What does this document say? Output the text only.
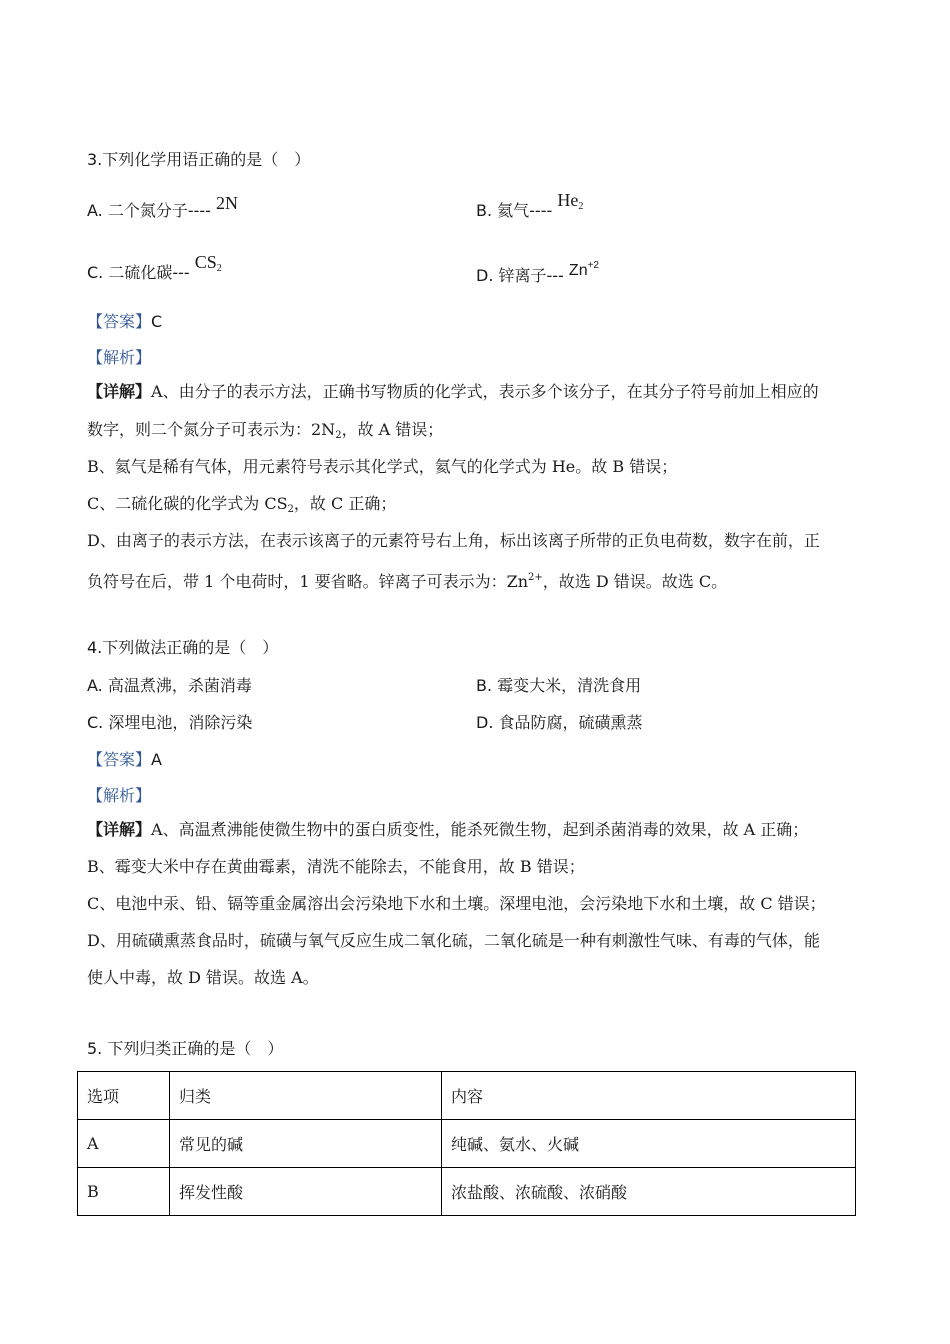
3.下列化学用语正确的是（　）
A. 二个氮分子---- 2N	B. 氦气---- $He_2$
C. 二硫化碳--- $CS_2$	D. 锌离子--- $Zn^{+2}$
【答案】C
【解析】
【详解】A、由分子的表示方法，正确书写物质的化学式，表示多个该分子，在其分子符号前加上相应的
数字，则二个氮分子可表示为：$2N_2$，故 A 错误；
B、氦气是稀有气体，用元素符号表示其化学式，氦气的化学式为 He。故 B 错误；
C、二硫化碳的化学式为 $CS_2$，故 C 正确；
D、由离子的表示方法，在表示该离子的元素符号右上角，标出该离子所带的正负电荷数，数字在前，正
负符号在后，带 1 个电荷时，1 要省略。锌离子可表示为：$Zn^{2+}$，故选 D 错误。故选 C。
4.下列做法正确的是（　）
A. 高温煮沸，杀菌消毒	B. 霉变大米，清洗食用
C. 深埋电池，消除污染	D. 食品防腐，硫磺熏蒸
【答案】A
【解析】
【详解】A、高温煮沸能使微生物中的蛋白质变性，能杀死微生物，起到杀菌消毒的效果，故 A 正确；
B、霉变大米中存在黄曲霉素，清洗不能除去，不能食用，故 B 错误；
C、电池中汞、铅、镉等重金属溶出会污染地下水和土壤。深埋电池，会污染地下水和土壤，故 C 错误；
D、用硫磺熏蒸食品时，硫磺与氧气反应生成二氧化硫，二氧化硫是一种有刺激性气味、有毒的气体，能
使人中毒，故 D 错误。故选 A。
5. 下列归类正确的是（　）
选项	归类	内容
A	常见的碱	纯碱、氨水、火碱
B	挥发性酸	浓盐酸、浓硫酸、浓硝酸
